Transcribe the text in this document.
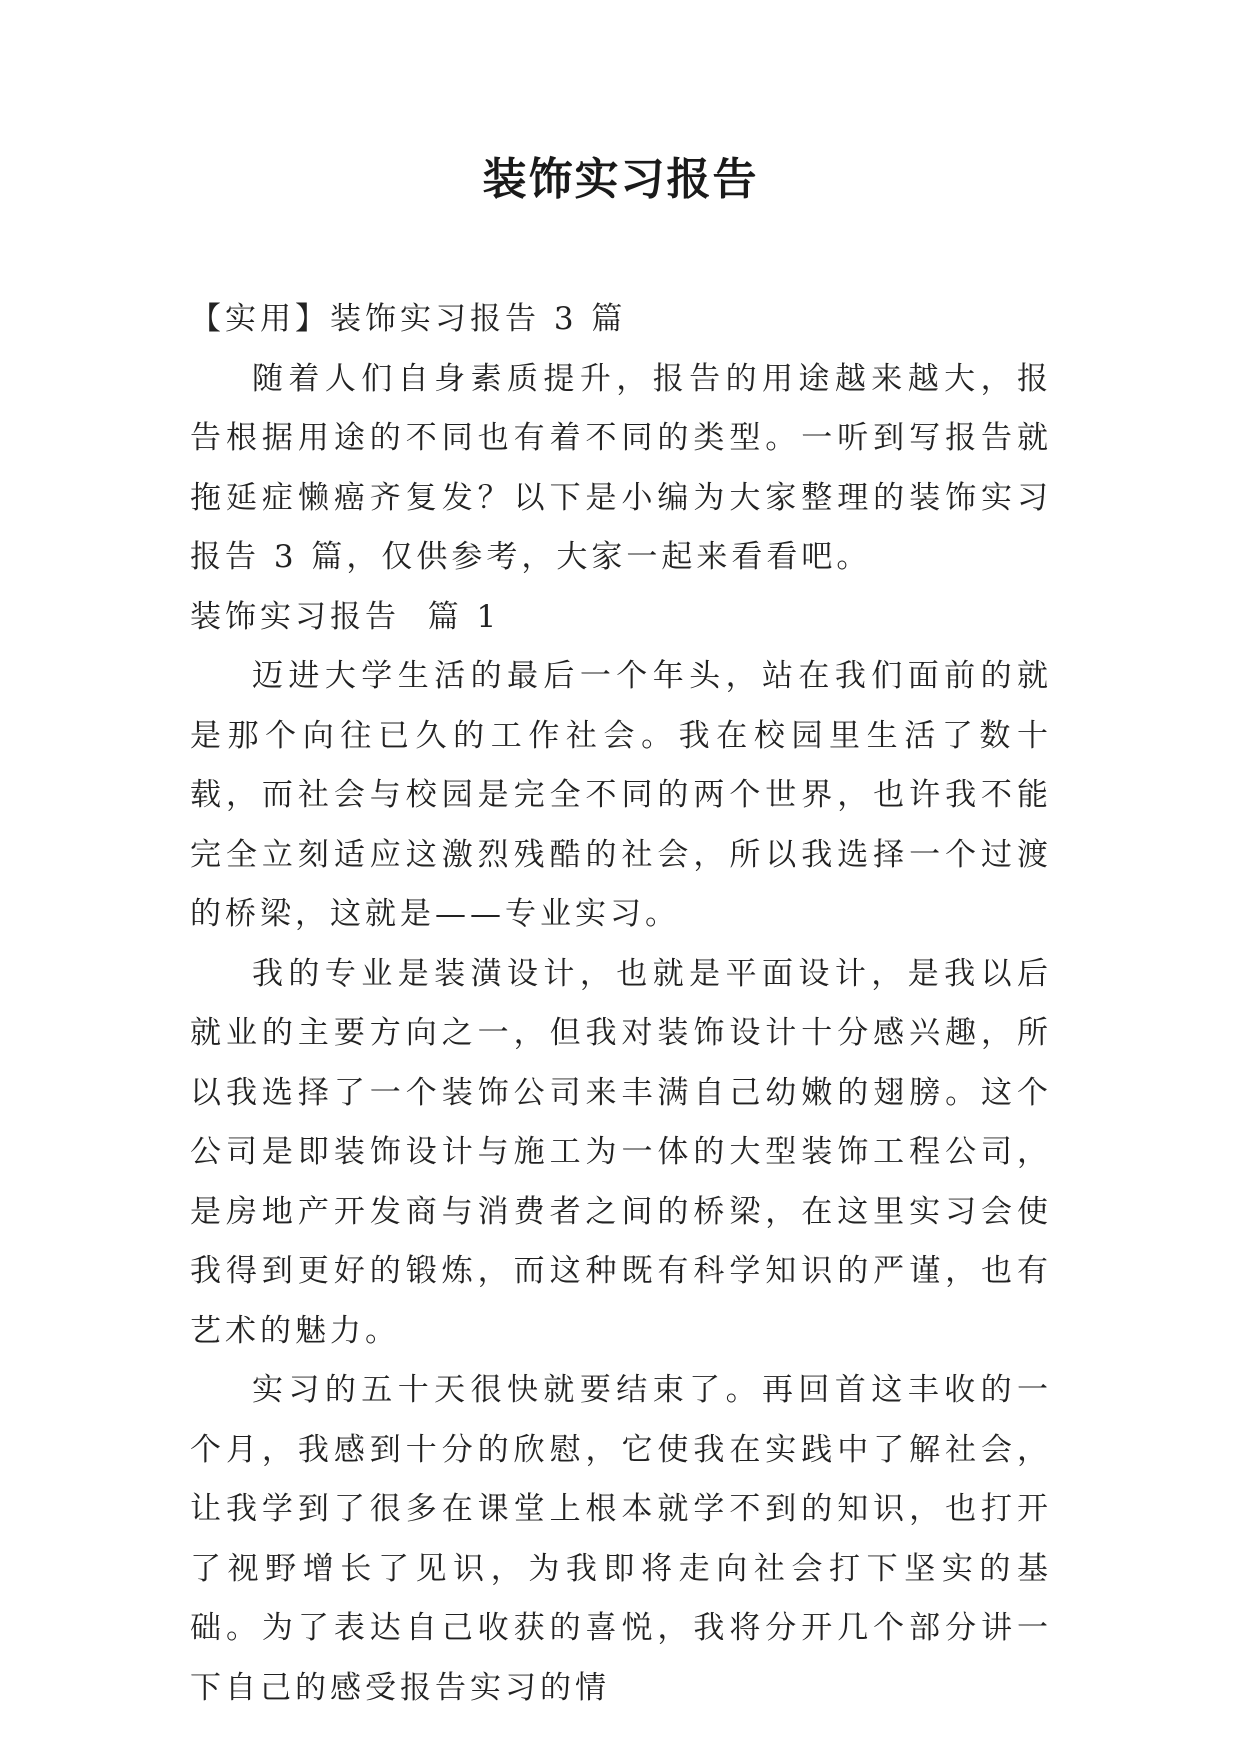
装饰实习报告

【实用】装饰实习报告 3 篇

随着人们自身素质提升，报告的用途越来越大，报告根据用途的不同也有着不同的类型。一听到写报告就拖延症懒癌齐复发？以下是小编为大家整理的装饰实习报告 3 篇，仅供参考，大家一起来看看吧。

装饰实习报告  篇 1

迈进大学生活的最后一个年头，站在我们面前的就是那个向往已久的工作社会。我在校园里生活了数十载，而社会与校园是完全不同的两个世界，也许我不能完全立刻适应这激烈残酷的社会，所以我选择一个过渡的桥梁，这就是——专业实习。

我的专业是装潢设计，也就是平面设计，是我以后就业的主要方向之一，但我对装饰设计十分感兴趣，所以我选择了一个装饰公司来丰满自己幼嫩的翅膀。这个公司是即装饰设计与施工为一体的大型装饰工程公司，是房地产开发商与消费者之间的桥梁，在这里实习会使我得到更好的锻炼，而这种既有科学知识的严谨，也有艺术的魅力。

实习的五十天很快就要结束了。再回首这丰收的一个月，我感到十分的欣慰，它使我在实践中了解社会，让我学到了很多在课堂上根本就学不到的知识，也打开了视野增长了见识，为我即将走向社会打下坚实的基础。为了表达自己收获的喜悦，我将分开几个部分讲一下自己的感受报告实习的情
